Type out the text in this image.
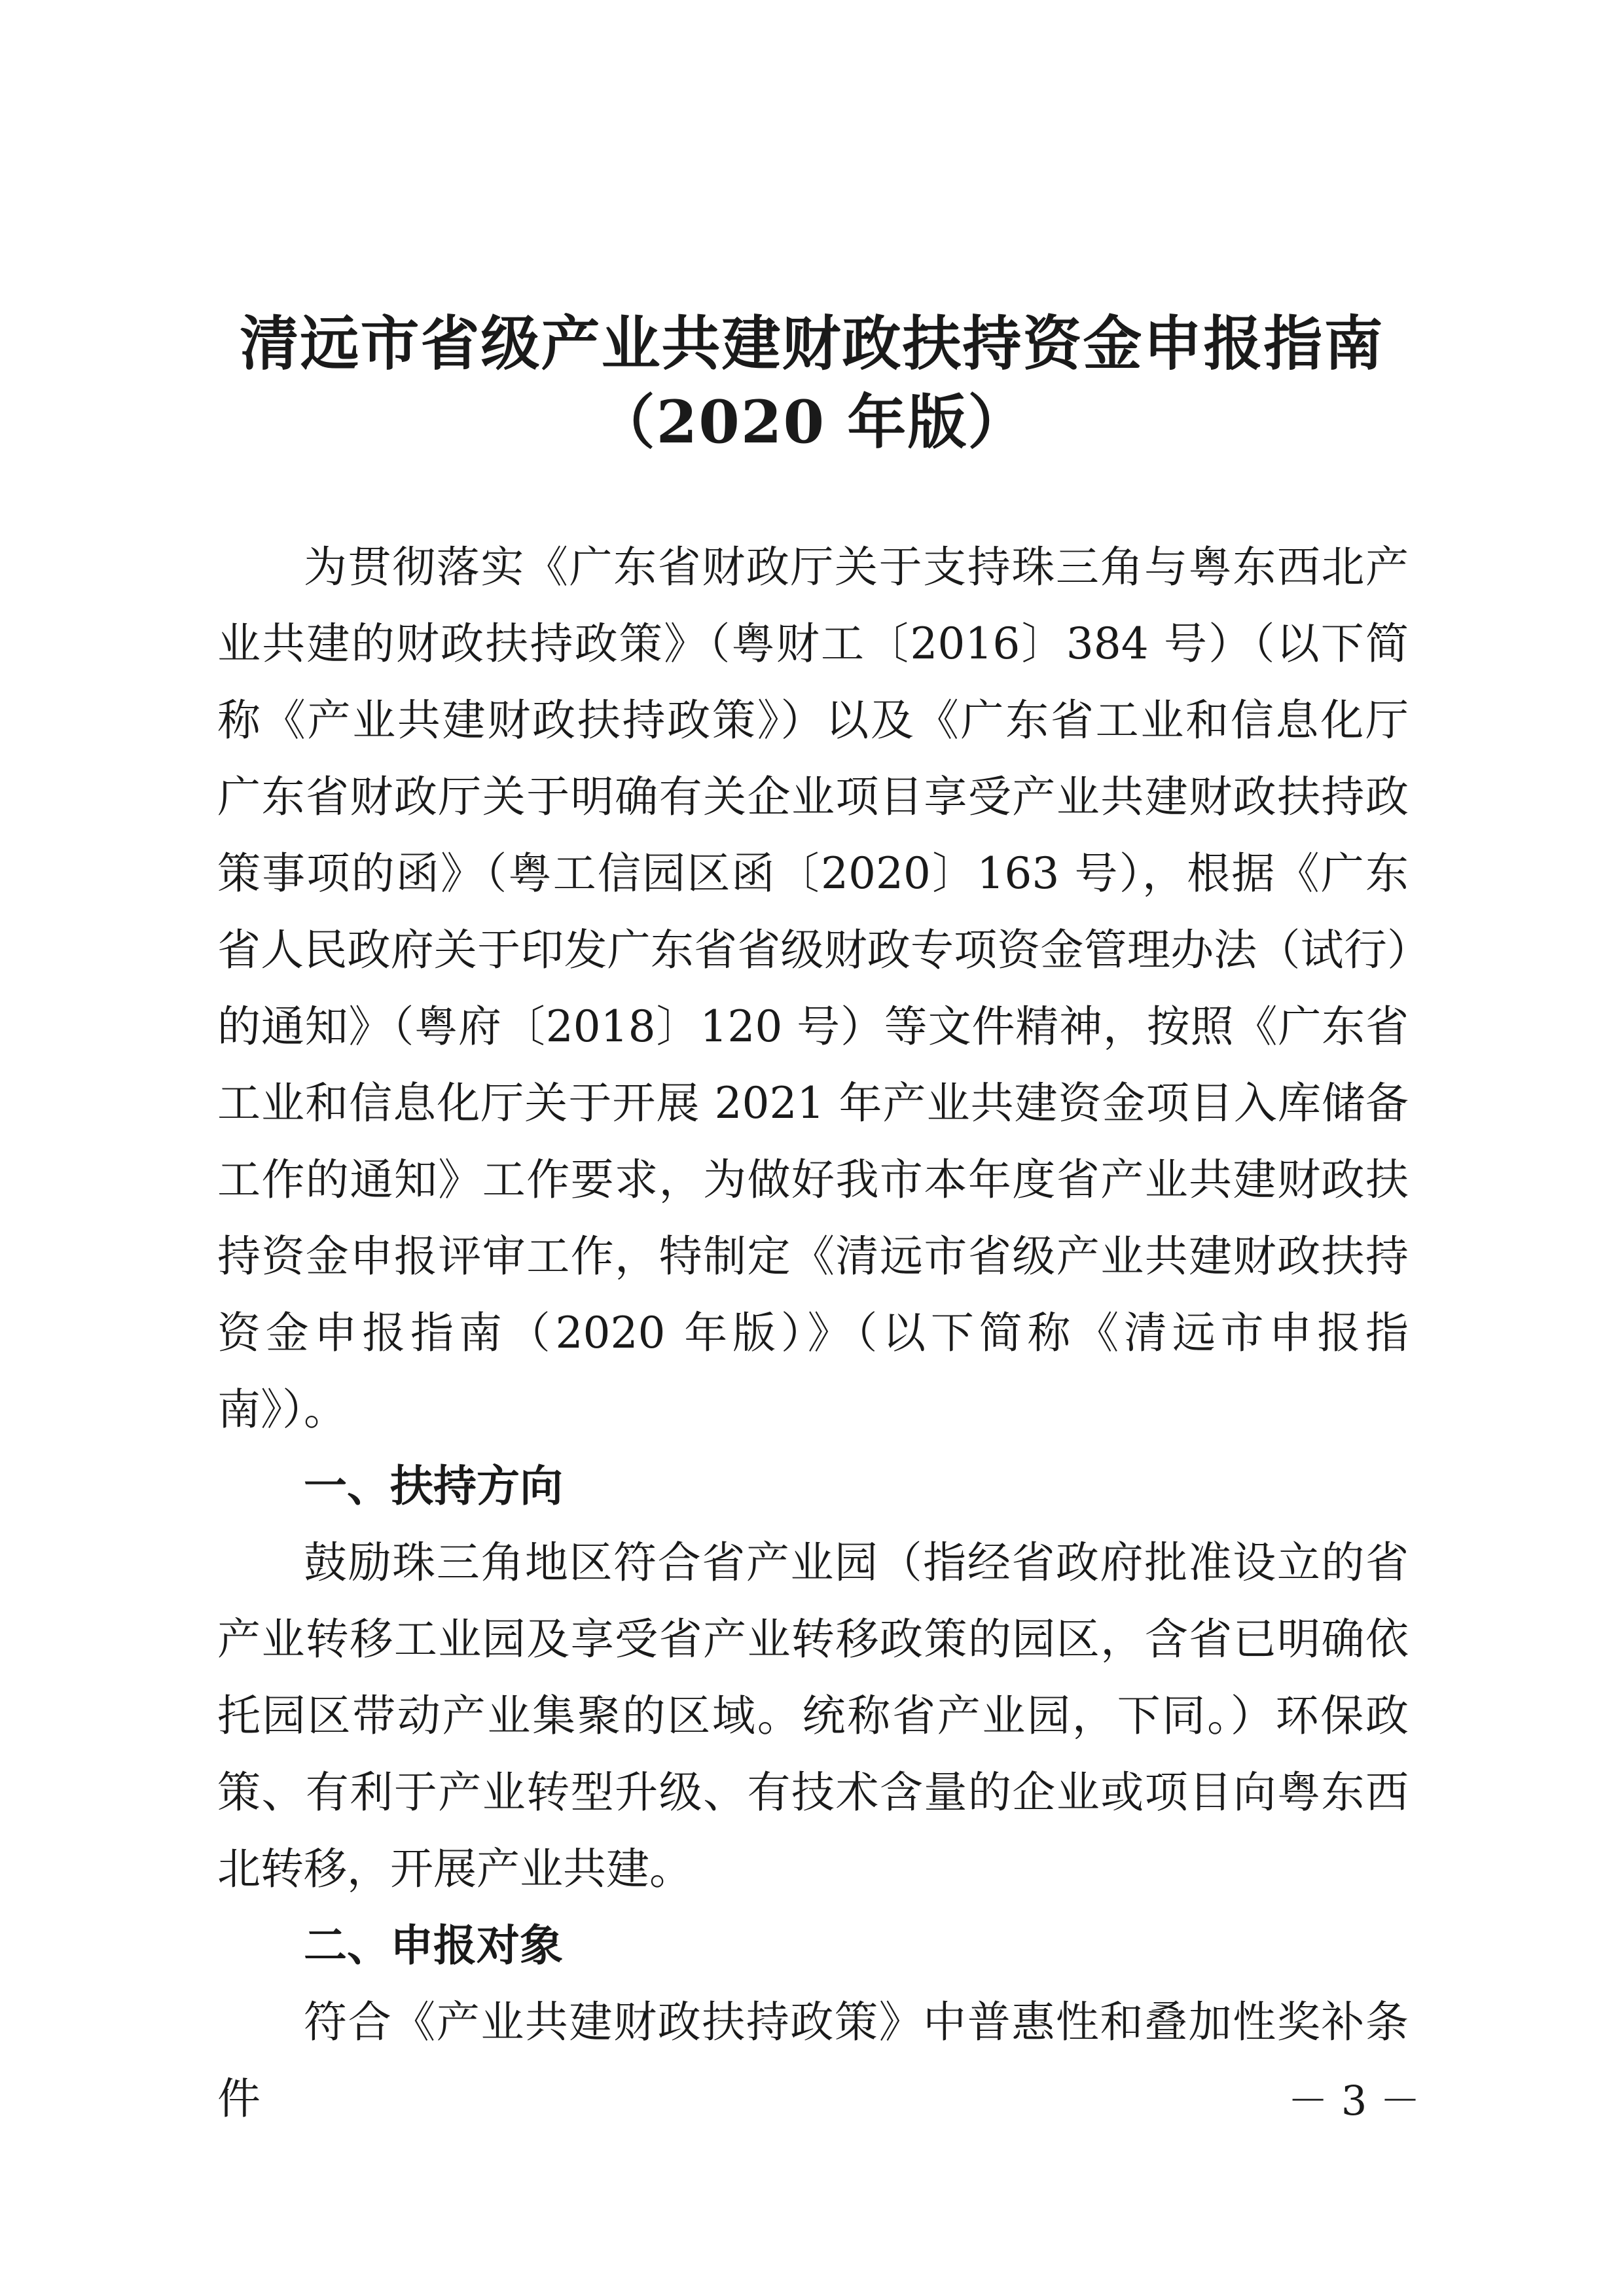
清远市省级产业共建财政扶持资金申报指南
（2020 年版）

为贯彻落实《广东省财政厅关于支持珠三角与粤东西北产业共建的财政扶持政策》（粤财工〔2016〕384 号）（以下简称《产业共建财政扶持政策》）以及《广东省工业和信息化厅 广东省财政厅关于明确有关企业项目享受产业共建财政扶持政策事项的函》（粤工信园区函〔2020〕163 号），根据《广东省人民政府关于印发广东省省级财政专项资金管理办法（试行）的通知》（粤府〔2018〕120 号）等文件精神，按照《广东省工业和信息化厅关于开展 2021 年产业共建资金项目入库储备工作的通知》工作要求，为做好我市本年度省产业共建财政扶持资金申报评审工作，特制定《清远市省级产业共建财政扶持资金申报指南（2020 年版）》（以下简称《清远市申报指南》）。

一、扶持方向

鼓励珠三角地区符合省产业园（指经省政府批准设立的省产业转移工业园及享受省产业转移政策的园区，含省已明确依托园区带动产业集聚的区域。统称省产业园，下同。）环保政策、有利于产业转型升级、有技术含量的企业或项目向粤东西北转移，开展产业共建。

二、申报对象

符合《产业共建财政扶持政策》中普惠性和叠加性奖补条件	－ 3 －
